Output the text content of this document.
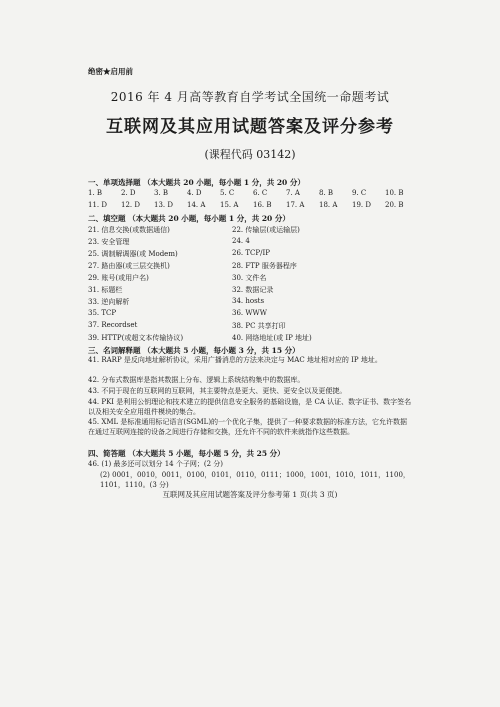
绝密★启用前
2016 年 4 月高等教育自学考试全国统一命题考试
互联网及其应用试题答案及评分参考
(课程代码 03142)
一、单项选择题 （本大题共 20 小题，每小题 1 分，共 20 分）
1. B	2. D	3. B	4. D	5. C	6. C	7. A	8. B	9. C	10. B
11. D	12. D	13. D	14. A	15. A	16. B	17. A	18. A	19. D	20. B
二、填空题 （本大题共 20 小题，每小题 1 分，共 20 分）
21. 信息交换(或数据通信)	22. 传输层(或运输层)
23. 安全管理	24. 4
25. 调制解调器(或 Modem)	26. TCP/IP
27. 路由器(或三层交换机)	28. FTP 服务器程序
29. 账号(或用户名)	30. 文件名
31. 标题栏	32. 数据记录
33. 逆向解析	34. hosts
35. TCP	36. WWW
37. Recordset	38. PC 共享打印
39. HTTP(或超文本传输协议)	40. 网络地址(或 IP 地址)
三、名词解释题 （本大题共 5 小题，每小题 3 分，共 15 分）
41. RARP 是反向地址解析协议，采用广播消息的方法来决定与 MAC 地址相对应的 IP 地址。
42. 分布式数据库是指其数据上分布、逻辑上系统结构集中的数据库。
43. 不同于现在的互联网的互联网，其主要特点是更大、更快、更安全以及更便捷。
44. PKI 是利用公钥理论和技术建立的提供信息安全服务的基础设施，是 CA 认证、数字证书、数字签名以及相关安全应用组件模块的集合。
45. XML 是标准通用标记语言(SGML)的一个优化子集，提供了一种要求数据的标准方法，它允许数据在通过互联网连接的设备之间进行存储和交换，还允许不同的软件来就指作这些数据。
四、简答题 （本大题共 5 小题，每小题 5 分，共 25 分）
46. (1) 最多还可以划分 14 个子网；(2 分)
(2) 0001，0010，0011，0100，0101，0110，0111；1000，1001，1010，1011，1100，1101，1110。(3 分)
互联网及其应用试题答案及评分参考第 1 页(共 3 页)
